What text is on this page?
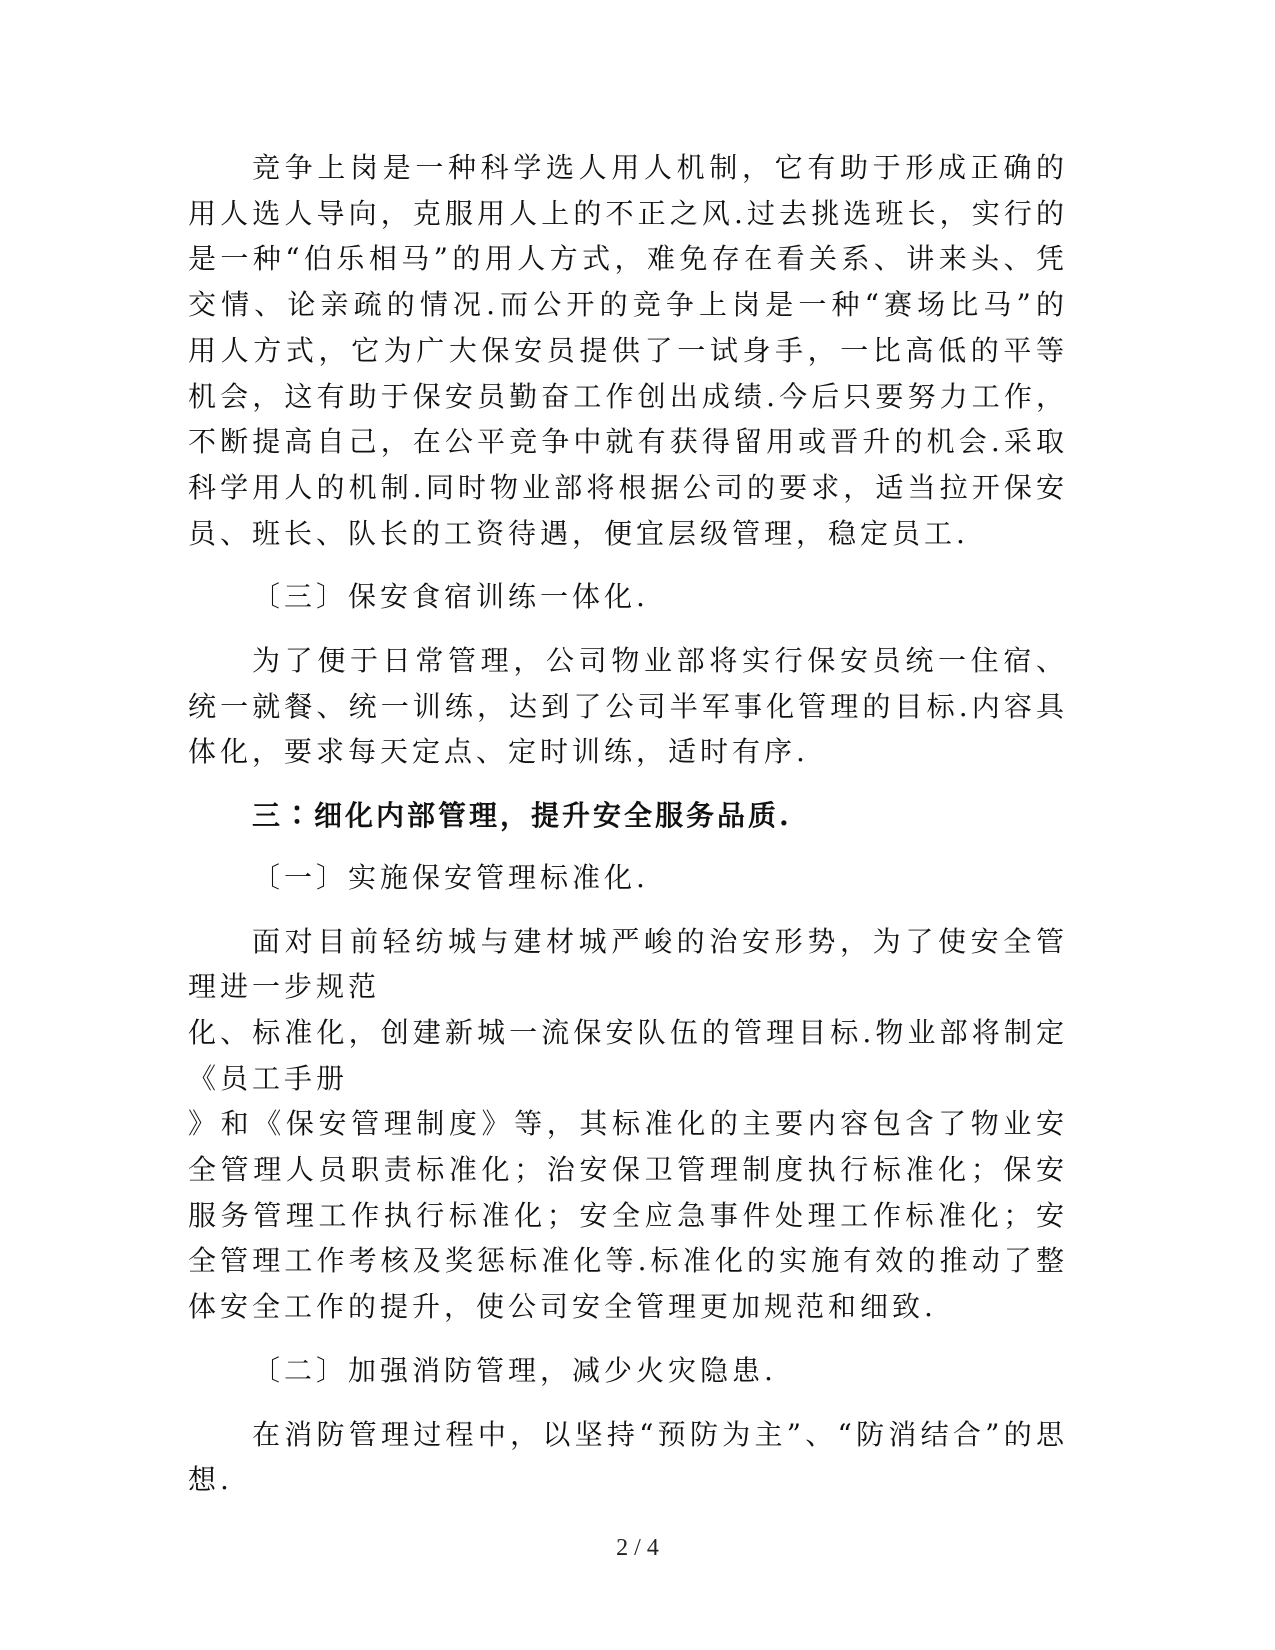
竞争上岗是一种科学选人用人机制，它有助于形成正确的用人选人导向，克服用人上的不正之风.过去挑选班长，实行的是一种“伯乐相马”的用人方式，难免存在看关系、讲来头、凭交情、论亲疏的情况.而公开的竞争上岗是一种“赛场比马”的用人方式，它为广大保安员提供了一试身手，一比高低的平等机会，这有助于保安员勤奋工作创出成绩.今后只要努力工作，不断提高自己，在公平竞争中就有获得留用或晋升的机会.采取科学用人的机制.同时物业部将根据公司的要求，适当拉开保安员、班长、队长的工资待遇，便宜层级管理，稳定员工.

〔三〕保安食宿训练一体化.

为了便于日常管理，公司物业部将实行保安员统一住宿、统一就餐、统一训练，达到了公司半军事化管理的目标.内容具体化，要求每天定点、定时训练，适时有序.

三∶细化内部管理，提升安全服务品质.

〔一〕实施保安管理标准化.

面对目前轻纺城与建材城严峻的治安形势，为了使安全管理进一步规范
化、标准化，创建新城一流保安队伍的管理目标.物业部将制定《员工手册
》和《保安管理制度》等，其标准化的主要内容包含了物业安全管理人员职责标准化；治安保卫管理制度执行标准化；保安服务管理工作执行标准化；安全应急事件处理工作标准化；安全管理工作考核及奖惩标准化等.标准化的实施有效的推动了整体安全工作的提升，使公司安全管理更加规范和细致.

〔二〕加强消防管理，减少火灾隐患.

在消防管理过程中，以坚持“预防为主”、“防消结合”的思想.

2 / 4
